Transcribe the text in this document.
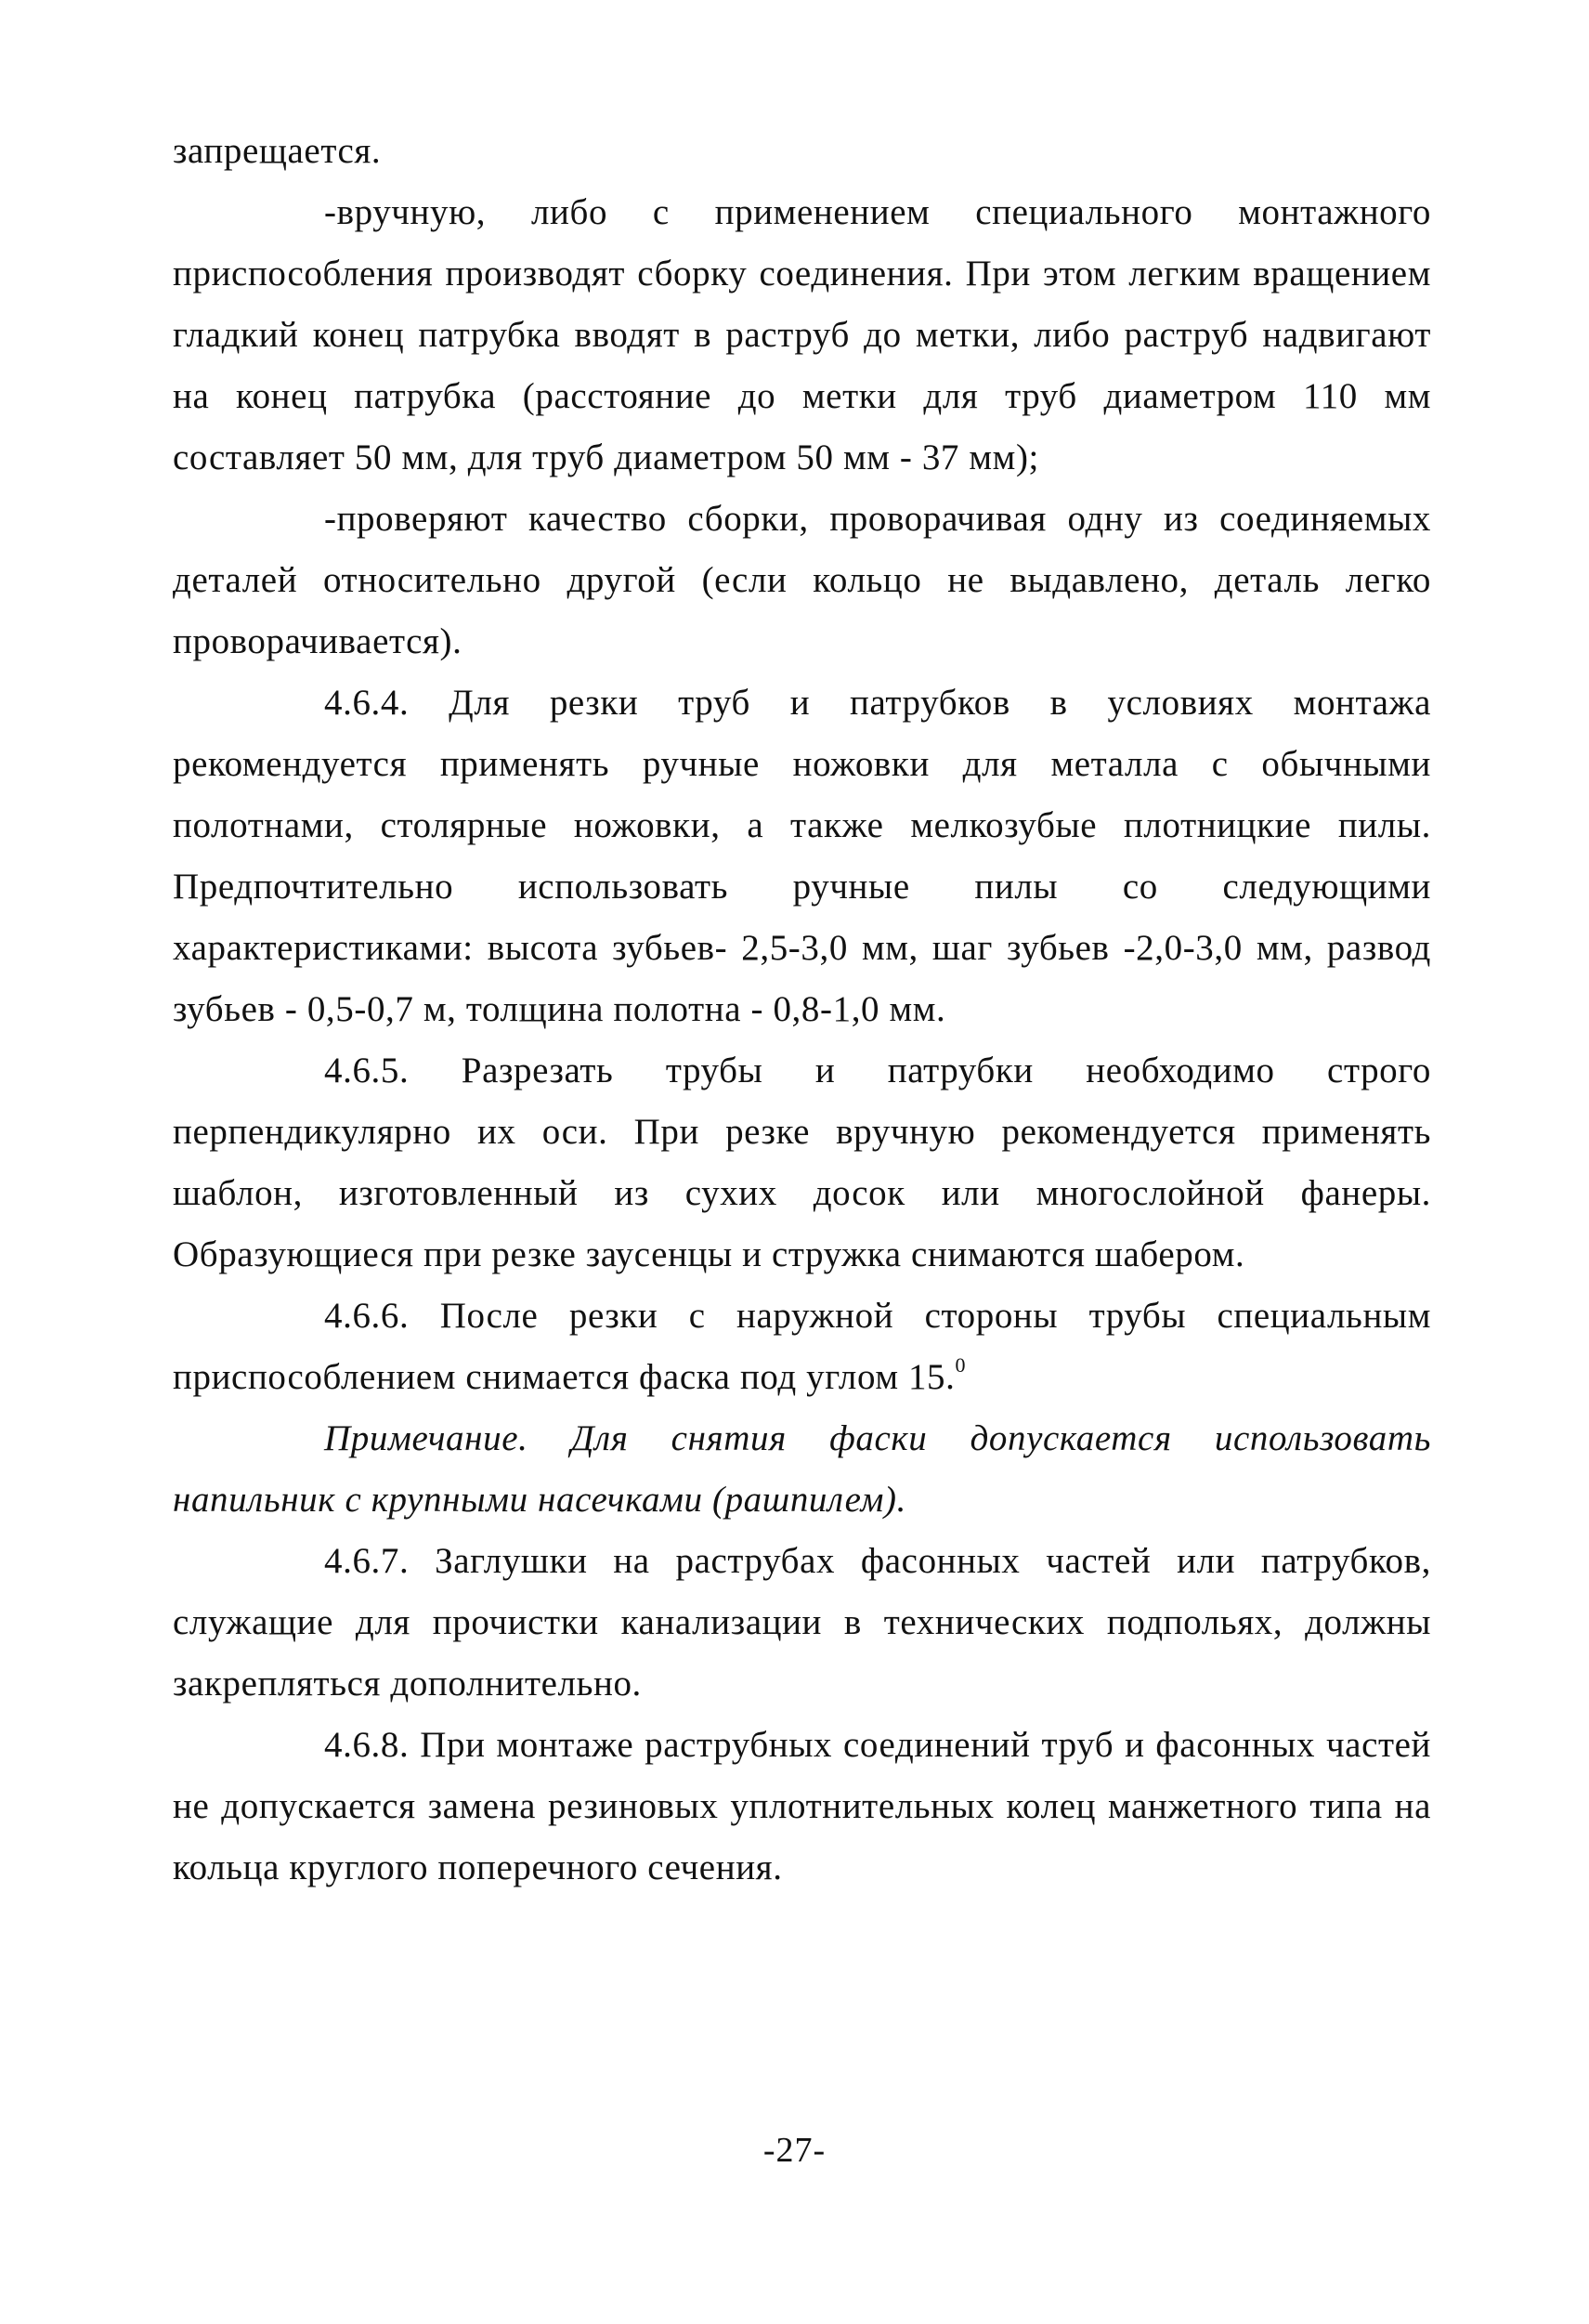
запрещается.

-вручную, либо с применением специального монтажного приспособления производят сборку соединения. При этом легким вращением гладкий конец патрубка вводят в раструб до метки, либо раструб надвигают на конец патрубка (расстояние до метки для труб диаметром 110 мм составляет 50 мм, для труб диаметром 50 мм - 37 мм);

-проверяют качество сборки, проворачивая одну из соединяемых деталей относительно другой (если кольцо не выдавлено, деталь легко проворачивается).

4.6.4. Для резки труб и патрубков в условиях монтажа рекомендуется применять ручные ножовки для металла с обычными полотнами, столярные ножовки, а также мелкозубые плотницкие пилы. Предпочтительно использовать ручные пилы со следующими характеристиками: высота зубьев- 2,5-3,0 мм, шаг зубьев -2,0-3,0 мм, развод зубьев - 0,5-0,7 м, толщина полотна - 0,8-1,0 мм.

4.6.5. Разрезать трубы и патрубки необходимо строго перпендикулярно их оси. При резке вручную рекомендуется применять шаблон, изготовленный из сухих досок или многослойной фанеры. Образующиеся при резке заусенцы и стружка снимаются шабером.

4.6.6. После резки с наружной стороны трубы специальным приспособлением снимается фаска под углом 15.$^0$

Примечание. Для снятия фаски допускается использовать напильник с крупными насечками (рашпилем).

4.6.7. Заглушки на раструбах фасонных частей или патрубков, служащие для прочистки канализации в технических подпольях, должны закрепляться дополнительно.

4.6.8. При монтаже раструбных соединений труб и фасонных частей не допускается замена резиновых уплотнительных колец манжетного типа на кольца круглого поперечного сечения.

-27-
